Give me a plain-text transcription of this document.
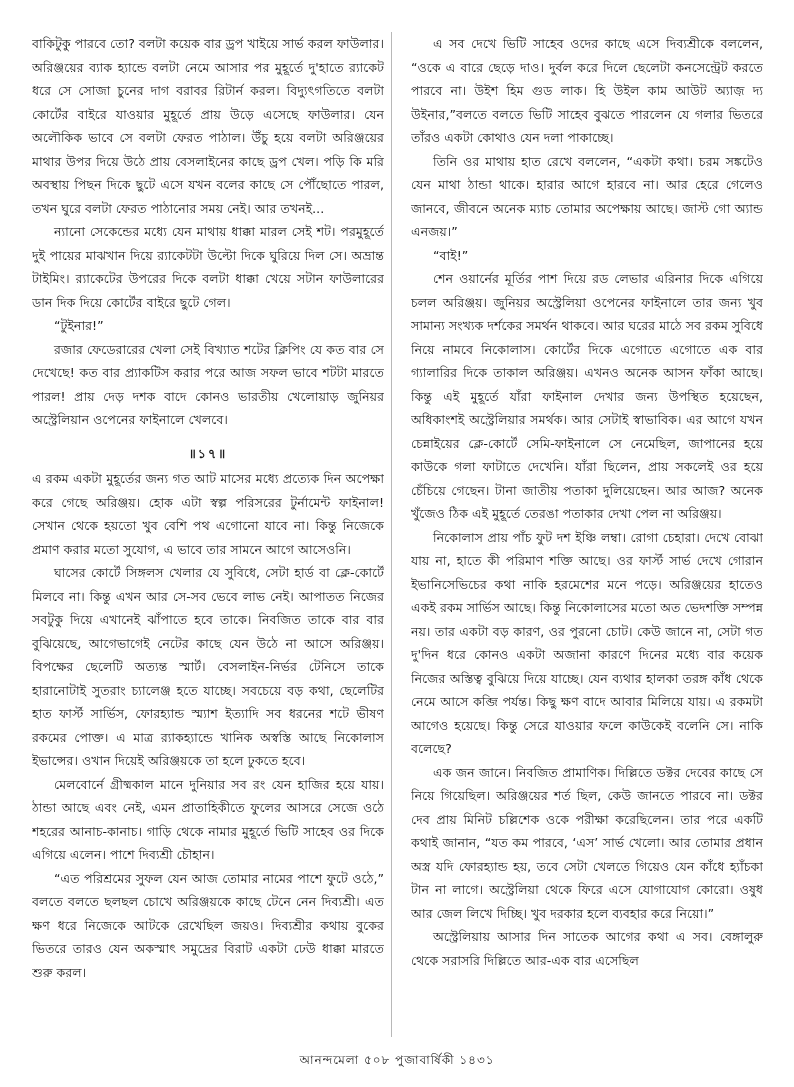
বাকিটুকু পারবে তো? বলটা কয়েক বার ড্রপ খাইয়ে সার্ভ করল ফাউলার। অরিঞ্জয়ের ব্যাক হ্যান্ডে বলটা নেমে আসার পর মুহূর্তে দু'হাতে র‍্যাকেট ধরে সে সোজা চুনের দাগ বরাবর রিটার্ন করল। বিদ্যুৎগতিতে বলটা কোর্টের বাইরে যাওয়ার মুহূর্তে প্রায় উড়ে এসেছে ফাউলার। যেন অলৌকিক ভাবে সে বলটা ফেরত পাঠাল। উঁচু হয়ে বলটা অরিঞ্জয়ের মাথার উপর দিয়ে উঠে প্রায় বেসলাইনের কাছে ড্রপ খেল। পড়ি কি মরি অবস্থায় পিছন দিকে ছুটে এসে যখন বলের কাছে সে পৌঁছোতে পারল, তখন ঘুরে বলটা ফেরত পাঠানোর সময় নেই। আর তখনই...

ন্যানো সেকেন্ডের মধ্যে যেন মাথায় ধাক্কা মারল সেই শট। পরমুহূর্তে দুই পায়ের মাঝখান দিয়ে র‍্যাকেটটা উল্টো দিকে ঘুরিয়ে দিল সে। অভ্রান্ত টাইমিং। র‍্যাকেটের উপরের দিকে বলটা ধাক্কা খেয়ে সটান ফাউলারের ডান দিক দিয়ে কোর্টের বাইরে ছুটে গেল।

“টুইনার!”

রজার ফেডেরারের খেলা সেই বিখ্যাত শটের ক্লিপিং যে কত বার সে দেখেছে! কত বার প্র্যাকটিস করার পরে আজ সফল ভাবে শটটা মারতে পারল! প্রায় দেড় দশক বাদে কোনও ভারতীয় খেলোয়াড় জুনিয়র অস্ট্রেলিয়ান ওপেনের ফাইনালে খেলবে।

॥১৭॥

এ রকম একটা মুহূর্তের জন্য গত আট মাসের মধ্যে প্রত্যেক দিন অপেক্ষা করে গেছে অরিঞ্জয়। হোক এটা স্বল্প পরিসরের টুর্নামেন্ট ফাইনাল! সেখান থেকে হয়তো খুব বেশি পথ এগোনো যাবে না। কিন্তু নিজেকে প্রমাণ করার মতো সুযোগ, এ ভাবে তার সামনে আগে আসেওনি।

ঘাসের কোর্টে সিঙ্গলস খেলার যে সুবিধে, সেটা হার্ড বা ক্লে-কোর্টে মিলবে না। কিন্তু এখন আর সে-সব ভেবে লাভ নেই। আপাতত নিজের সবটুকু দিয়ে এখানেই ঝাঁপাতে হবে তাকে। নিবজিত তাকে বার বার বুঝিয়েছে, আগেভাগেই নেটের কাছে যেন উঠে না আসে অরিঞ্জয়। বিপক্ষের ছেলেটি অত্যন্ত স্মার্ট। বেসলাইন-নির্ভর টেনিসে তাকে হারানোটাই সুতরাং চ্যালেঞ্জ হতে যাচ্ছে। সবচেয়ে বড় কথা, ছেলেটির হাত ফার্স্ট সার্ভিস, ফোরহ্যান্ড স্ম্যাশ ইত্যাদি সব ধরনের শটে ভীষণ রকমের পোক্ত। এ মাত্র র‍্যাকহ্যান্ডে খানিক অস্বস্তি আছে নিকোলাস ইভান্সের। ওখান দিয়েই অরিঞ্জয়কে তা হলে ঢুকতে হবে।

মেলবোর্নে গ্রীষ্মকাল মানে দুনিয়ার সব রং যেন হাজির হয়ে যায়। ঠান্ডা আছে এবং নেই, এমন প্রাতাহিকীতে ফুলের আসরে সেজে ওঠে শহরের আনাচ-কানাচ। গাড়ি থেকে নামার মুহূর্তে ভিটি সাহেব ওর দিকে এগিয়ে এলেন। পাশে দিব্যশ্রী চৌহান।

“এত পরিশ্রমের সুফল যেন আজ তোমার নামের পাশে ফুটে ওঠে,” বলতে বলতে ছলছল চোখে অরিঞ্জয়কে কাছে টেনে নেন দিব্যশ্রী। এত ক্ষণ ধরে নিজেকে আটকে রেখেছিল জয়ও। দিব্যশ্রীর কথায় বুকের ভিতরে তারও যেন অকস্মাৎ সমুদ্রের বিরাট একটা ঢেউ ধাক্কা মারতে শুরু করল।

এ সব দেখে ভিটি সাহেব ওদের কাছে এসে দিব্যশ্রীকে বললেন, “ওকে এ বারে ছেড়ে দাও। দুর্বল করে দিলে ছেলেটা কনসেন্ট্রেট করতে পারবে না। উইশ হিম গুড লাক। হি উইল কাম আউট অ্যাজ় দ্য উইনার,”বলতে বলতে ভিটি সাহেব বুঝতে পারলেন যে গলার ভিতরে তাঁরও একটা কোথাও যেন দলা পাকাচ্ছে।

তিনি ওর মাথায় হাত রেখে বললেন, “একটা কথা। চরম সঙ্কটেও যেন মাথা ঠান্ডা থাকে। হারার আগে হারবে না। আর হেরে গেলেও জানবে, জীবনে অনেক ম্যাচ তোমার অপেক্ষায় আছে। জাস্ট গো অ্যান্ড এনজয়।”

“বাই!”

শেন ওয়ার্নের মূর্তির পাশ দিয়ে রড লেভার এরিনার দিকে এগিয়ে চলল অরিঞ্জয়। জুনিয়র অস্ট্রেলিয়া ওপেনের ফাইনালে তার জন্য খুব সামান্য সংখ্যক দর্শকের সমর্থন থাকবে। আর ঘরের মাঠে সব রকম সুবিধে নিয়ে নামবে নিকোলাস। কোর্টের দিকে এগোতে এগোতে এক বার গ্যালারির দিকে তাকাল অরিঞ্জয়। এখনও অনেক আসন ফাঁকা আছে। কিন্তু এই মুহূর্তে যাঁরা ফাইনাল দেখার জন্য উপস্থিত হয়েছেন, অধিকাংশই অস্ট্রেলিয়ার সমর্থক। আর সেটাই স্বাভাবিক। এর আগে যখন চেন্নাইয়ের ক্লে-কোর্টে সেমি-ফাইনালে সে নেমেছিল, জাপানের হয়ে কাউকে গলা ফাটাতে দেখেনি। যাঁরা ছিলেন, প্রায় সকলেই ওর হয়ে চেঁচিয়ে গেছেন। টানা জাতীয় পতাকা দুলিয়েছেন। আর আজ? অনেক খুঁজেও ঠিক এই মুহূর্তে তেরঙা পতাকার দেখা পেল না অরিঞ্জয়।

নিকোলাস প্রায় পাঁচ ফুট দশ ইঞ্চি লম্বা। রোগা চেহারা। দেখে বোঝা যায় না, হাতে কী পরিমাণ শক্তি আছে। ওর ফার্স্ট সার্ভ দেখে গোরান ইভানিসেভিচের কথা নাকি হরমেশের মনে পড়ে। অরিঞ্জয়ের হাতেও একই রকম সার্ভিস আছে। কিন্তু নিকোলাসের মতো অত ভেদশক্তি সম্পন্ন নয়। তার একটা বড় কারণ, ওর পুরনো চোট। কেউ জানে না, সেটা গত দু'দিন ধরে কোনও একটা অজানা কারণে দিনের মধ্যে বার কয়েক নিজের অস্তিত্ব বুঝিয়ে দিয়ে যাচ্ছে। যেন ব্যথার হালকা তরঙ্গ কাঁধ থেকে নেমে আসে কব্জি পর্যন্ত। কিছু ক্ষণ বাদে আবার মিলিয়ে যায়। এ রকমটা আগেও হয়েছে। কিন্তু সেরে যাওয়ার ফলে কাউকেই বলেনি সে। নাকি বলেছে?

এক জন জানে। নিবজিত প্রামাণিক। দিল্লিতে ডক্টর দেবের কাছে সে নিয়ে গিয়েছিল। অরিঞ্জয়ের শর্ত ছিল, কেউ জানতে পারবে না। ডক্টর দেব প্রায় মিনিট চল্লিশেক ওকে পরীক্ষা করেছিলেন। তার পরে একটি কথাই জানান, “যত কম পারবে, ‘এস’ সার্ভ খেলো। আর তোমার প্রধান অস্ত্র যদি ফোরহ্যান্ড হয়, তবে সেটা খেলতে গিয়েও যেন কাঁধে হ্যাঁচকা টান না লাগে। অস্ট্রেলিয়া থেকে ফিরে এসে যোগাযোগ কোরো। ওষুধ আর জেল লিখে দিচ্ছি। খুব দরকার হলে ব্যবহার করে নিয়ো।”

অস্ট্রেলিয়ায় আসার দিন সাতেক আগের কথা এ সব। বেঙ্গালুরু থেকে সরাসরি দিল্লিতে আর-এক বার এসেছিল

আনন্দমেলা ৫০৮ পুজাবার্ষিকী ১৪৩১
